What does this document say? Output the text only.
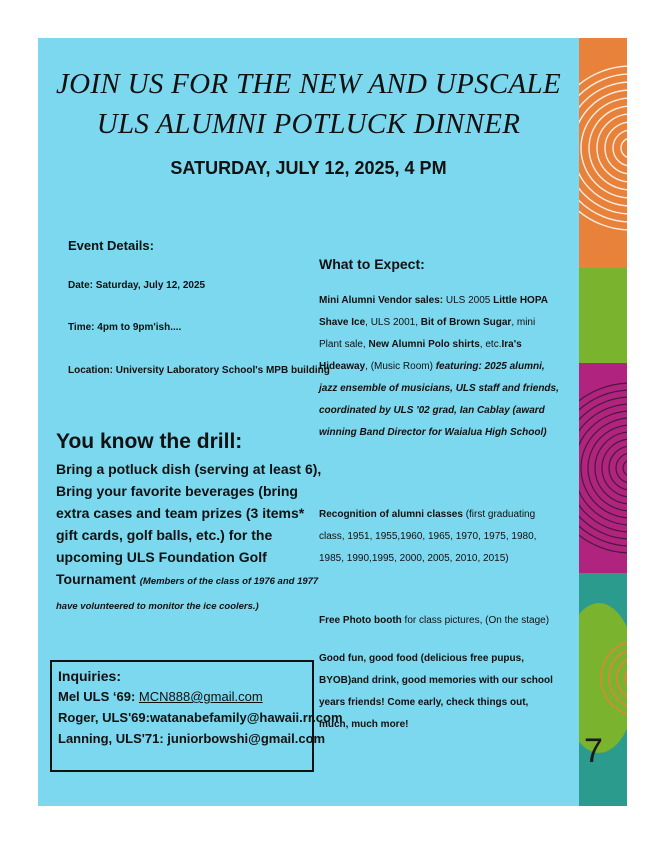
JOIN US FOR THE NEW AND UPSCALE
ULS ALUMNI POTLUCK DINNER
SATURDAY, JULY 12, 2025, 4 PM
Event Details:
Date: Saturday, July 12, 2025
Time: 4pm to 9pm'ish....
Location: University Laboratory School's MPB building
You know the drill:
Bring a potluck dish (serving at least 6), Bring your favorite beverages (bring extra cases and team prizes (3 items* gift cards, golf balls, etc.) for the upcoming ULS Foundation Golf Tournament (Members of the class of 1976 and 1977 have volunteered to monitor the ice coolers.)
Inquiries:
Mel ULS ‘69: MCN888@gmail.com
Roger, ULS'69:watanabefamily@hawaii.rr.com
Lanning, ULS'71: juniorbowshi@gmail.com
What to Expect:
Mini Alumni Vendor sales: ULS 2005 Little HOPA Shave Ice, ULS 2001, Bit of Brown Sugar, mini Plant sale, New Alumni Polo shirts, etc.Ira's Hideaway, (Music Room) featuring: 2025 alumni, jazz ensemble of musicians, ULS staff and friends, coordinated by ULS '02 grad, Ian Cablay (award winning Band Director for Waialua High School)
Recognition of alumni classes (first graduating class, 1951, 1955,1960, 1965, 1970, 1975, 1980, 1985, 1990,1995, 2000, 2005, 2010, 2015)
Free Photo booth for class pictures, (On the stage)
Good fun, good food (delicious free pupus, BYOB)and drink, good memories with our school years friends! Come early, check things out, much, much more!
7
